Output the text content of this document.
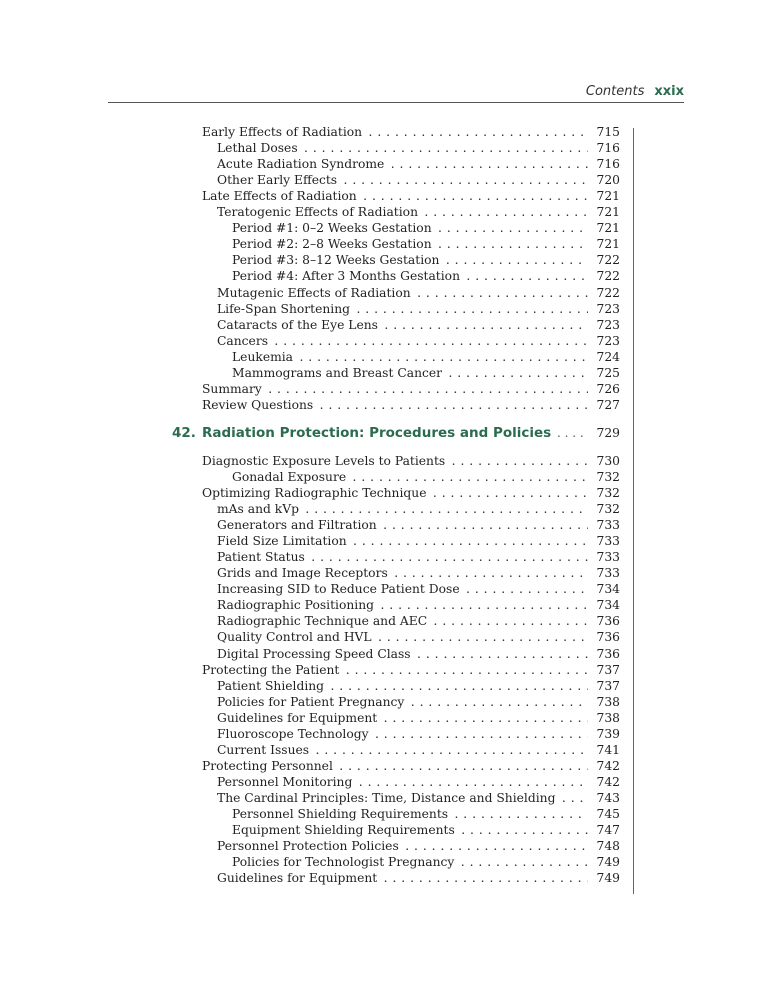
Contents xxix
Early Effects of Radiation . . .	715
Lethal Doses . . .	716
Acute Radiation Syndrome . . .	716
Other Early Effects . . .	720
Late Effects of Radiation . . .	721
Teratogenic Effects of Radiation . . .	721
Period #1: 0–2 Weeks Gestation . . .	721
Period #2: 2–8 Weeks Gestation . . .	721
Period #3: 8–12 Weeks Gestation . . .	722
Period #4: After 3 Months Gestation . . .	722
Mutagenic Effects of Radiation . . .	722
Life-Span Shortening . . .	723
Cataracts of the Eye Lens . . .	723
Cancers . . .	723
Leukemia . . .	724
Mammograms and Breast Cancer . . .	725
Summary . . .	726
Review Questions . . .	727
42. Radiation Protection: Procedures and Policies . . .	729
Diagnostic Exposure Levels to Patients . . .	730
Gonadal Exposure . . .	732
Optimizing Radiographic Technique . . .	732
mAs and kVp . . .	732
Generators and Filtration . . .	733
Field Size Limitation . . .	733
Patient Status . . .	733
Grids and Image Receptors . . .	733
Increasing SID to Reduce Patient Dose . . .	734
Radiographic Positioning . . .	734
Radiographic Technique and AEC . . .	736
Quality Control and HVL . . .	736
Digital Processing Speed Class . . .	736
Protecting the Patient . . .	737
Patient Shielding . . .	737
Policies for Patient Pregnancy . . .	738
Guidelines for Equipment . . .	738
Fluoroscope Technology . . .	739
Current Issues . . .	741
Protecting Personnel . . .	742
Personnel Monitoring . . .	742
The Cardinal Principles: Time, Distance and Shielding . . .	743
Personnel Shielding Requirements . . .	745
Equipment Shielding Requirements . . .	747
Personnel Protection Policies . . .	748
Policies for Technologist Pregnancy . . .	749
Guidelines for Equipment . . .	749
